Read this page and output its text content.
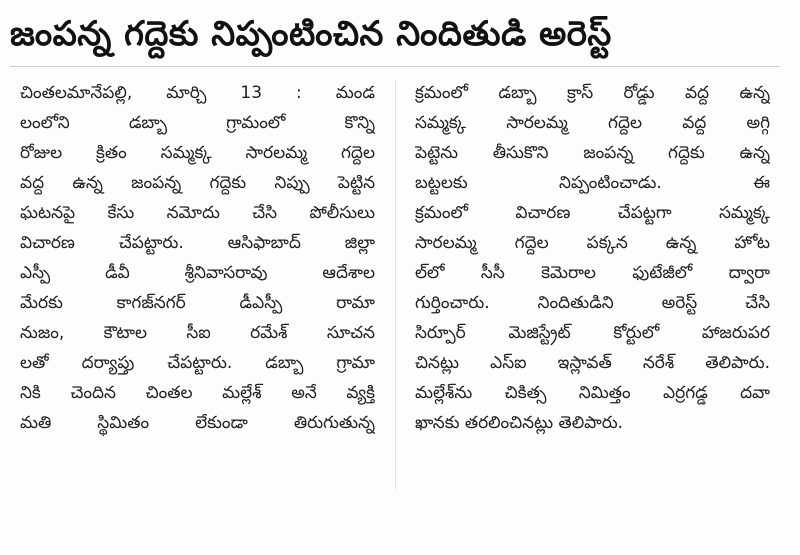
జంపన్న గద్దెకు నిప్పంటించిన నిందితుడి అరెస్ట్
చింతలమానేపల్లి, మార్చి 13 : మండ
లంలోని డబ్బా గ్రామంలో కొన్ని
రోజుల క్రితం సమ్మక్క సారలమ్మ గద్దెల
వద్ద ఉన్న జంపన్న గద్దెకు నిప్పు పెట్టిన
ఘటనపై కేసు నమోదు చేసి పోలీసులు
విచారణ చేపట్టారు. ఆసిఫాబాద్ జిల్లా
ఎస్పీ డీవీ శ్రీనివాసరావు ఆదేశాల
మేరకు కాగజ్‌నగర్ డీఎస్పీ రామా
నుజం, కౌటాల సీఐ రమేశ్ సూచన
లతో దర్యాప్తు చేపట్టారు. డబ్బా గ్రామా
నికి చెందిన చింతల మల్లేశ్ అనే వ్యక్తి
మతి స్థిమితం లేకుండా తిరుగుతున్న
క్రమంలో డబ్బా క్రాస్ రోడ్డు వద్ద ఉన్న
సమ్మక్క సారలమ్మ గద్దెల వద్ద అగ్గి
పెట్టెను తీసుకొని జంపన్న గద్దెకు ఉన్న
బట్టలకు నిప్పంటించాడు. ఈ
క్రమంలో విచారణ చేపట్టగా సమ్మక్క
సారలమ్మ గద్దెల పక్కన ఉన్న హోట
ల్‌లో సీసీ కెమెరాల ఫుటేజీలో ద్వారా
గుర్తించారు. నిందితుడిని అరెస్ట్ చేసి
సిర్పూర్ మెజిస్ట్రేట్ కోర్టులో హాజరుపర
చినట్లు ఎస్ఐ ఇస్లావత్ నరేశ్ తెలిపారు.
మల్లేశ్‌ను చికిత్స నిమిత్తం ఎర్రగడ్డ దవా
ఖానకు తరలించినట్లు తెలిపారు.
